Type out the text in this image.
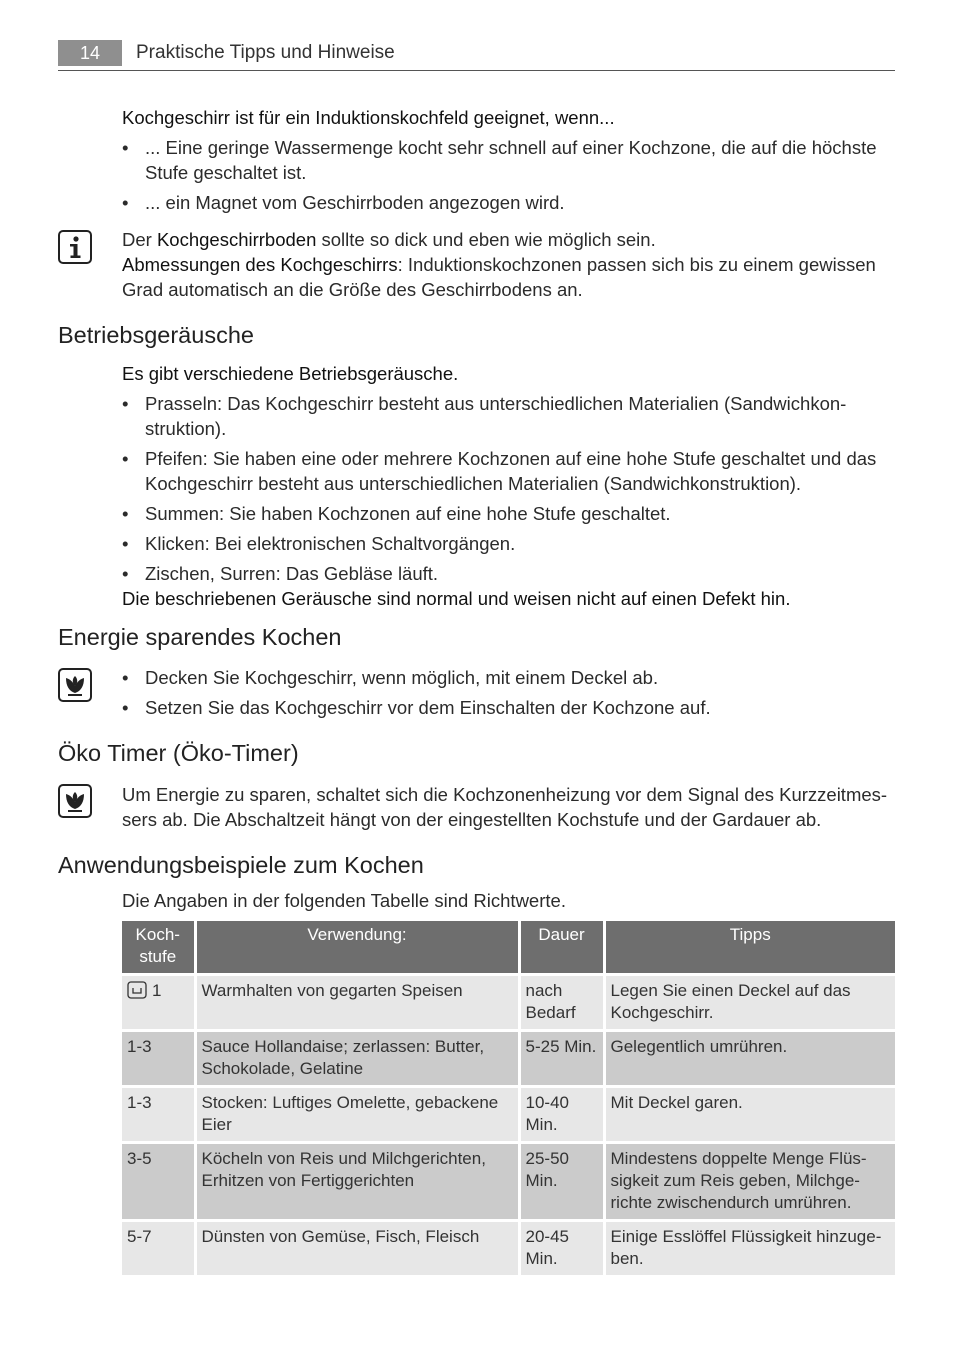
14	Praktische Tipps und Hinweise
Kochgeschirr ist für ein Induktionskochfeld geeignet, wenn...
• ... Eine geringe Wassermenge kocht sehr schnell auf einer Kochzone, die auf die höchste Stufe geschaltet ist.
• ... ein Magnet vom Geschirrboden angezogen wird.
Der Kochgeschirrboden sollte so dick und eben wie möglich sein.
Abmessungen des Kochgeschirrs: Induktionskochzonen passen sich bis zu einem gewissen Grad automatisch an die Größe des Geschirrbodens an.
Betriebsgeräusche
Es gibt verschiedene Betriebsgeräusche.
• Prasseln: Das Kochgeschirr besteht aus unterschiedlichen Materialien (Sandwichkon-struktion).
• Pfeifen: Sie haben eine oder mehrere Kochzonen auf eine hohe Stufe geschaltet und das Kochgeschirr besteht aus unterschiedlichen Materialien (Sandwichkonstruktion).
• Summen: Sie haben Kochzonen auf eine hohe Stufe geschaltet.
• Klicken: Bei elektronischen Schaltvorgängen.
• Zischen, Surren: Das Gebläse läuft.
Die beschriebenen Geräusche sind normal und weisen nicht auf einen Defekt hin.
Energie sparendes Kochen
• Decken Sie Kochgeschirr, wenn möglich, mit einem Deckel ab.
• Setzen Sie das Kochgeschirr vor dem Einschalten der Kochzone auf.
Öko Timer (Öko-Timer)
Um Energie zu sparen, schaltet sich die Kochzonenheizung vor dem Signal des Kurzzeitmes-sers ab. Die Abschaltzeit hängt von der eingestellten Kochstufe und der Gardauer ab.
Anwendungsbeispiele zum Kochen
Die Angaben in der folgenden Tabelle sind Richtwerte.
Koch-stufe	Verwendung:	Dauer	Tipps
1	Warmhalten von gegarten Speisen	nach Bedarf	Legen Sie einen Deckel auf das Kochgeschirr.
1-3	Sauce Hollandaise; zerlassen: Butter, Schokolade, Gelatine	5-25 Min.	Gelegentlich umrühren.
1-3	Stocken: Luftiges Omelette, gebackene Eier	10-40 Min.	Mit Deckel garen.
3-5	Köcheln von Reis und Milchgerichten, Erhitzen von Fertiggerichten	25-50 Min.	Mindestens doppelte Menge Flüs-sigkeit zum Reis geben, Milchge-richte zwischendurch umrühren.
5-7	Dünsten von Gemüse, Fisch, Fleisch	20-45 Min.	Einige Esslöffel Flüssigkeit hinzuge-ben.
